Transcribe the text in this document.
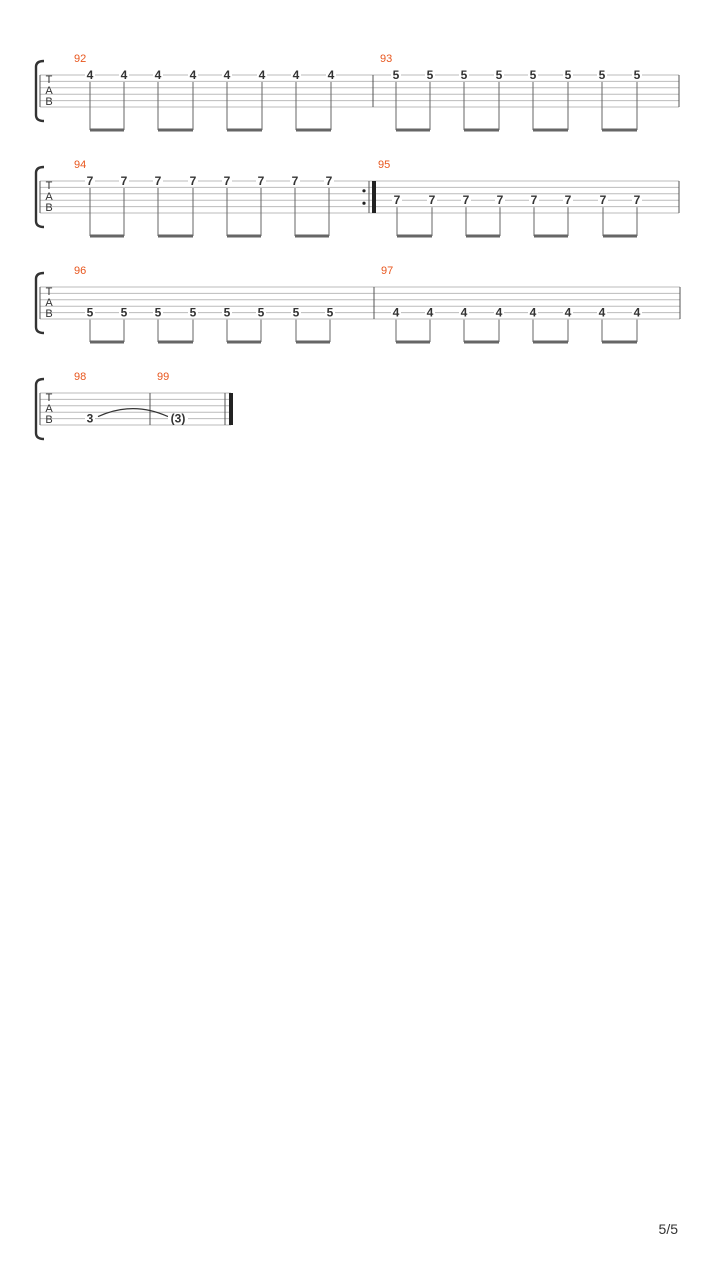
T
A
B
92
4 4 4 4 4 4 4 4
93
5 5 5 5 5 5 5 5
T
A
B
94
7 7 7 7 7 7 7 7
95
7 7 7 7 7 7 7 7
T
A
B
96
5 5 5 5 5 5 5 5
97
4 4 4 4 4 4 4 4
T
A
B
98
3
99
(3)
5/5
